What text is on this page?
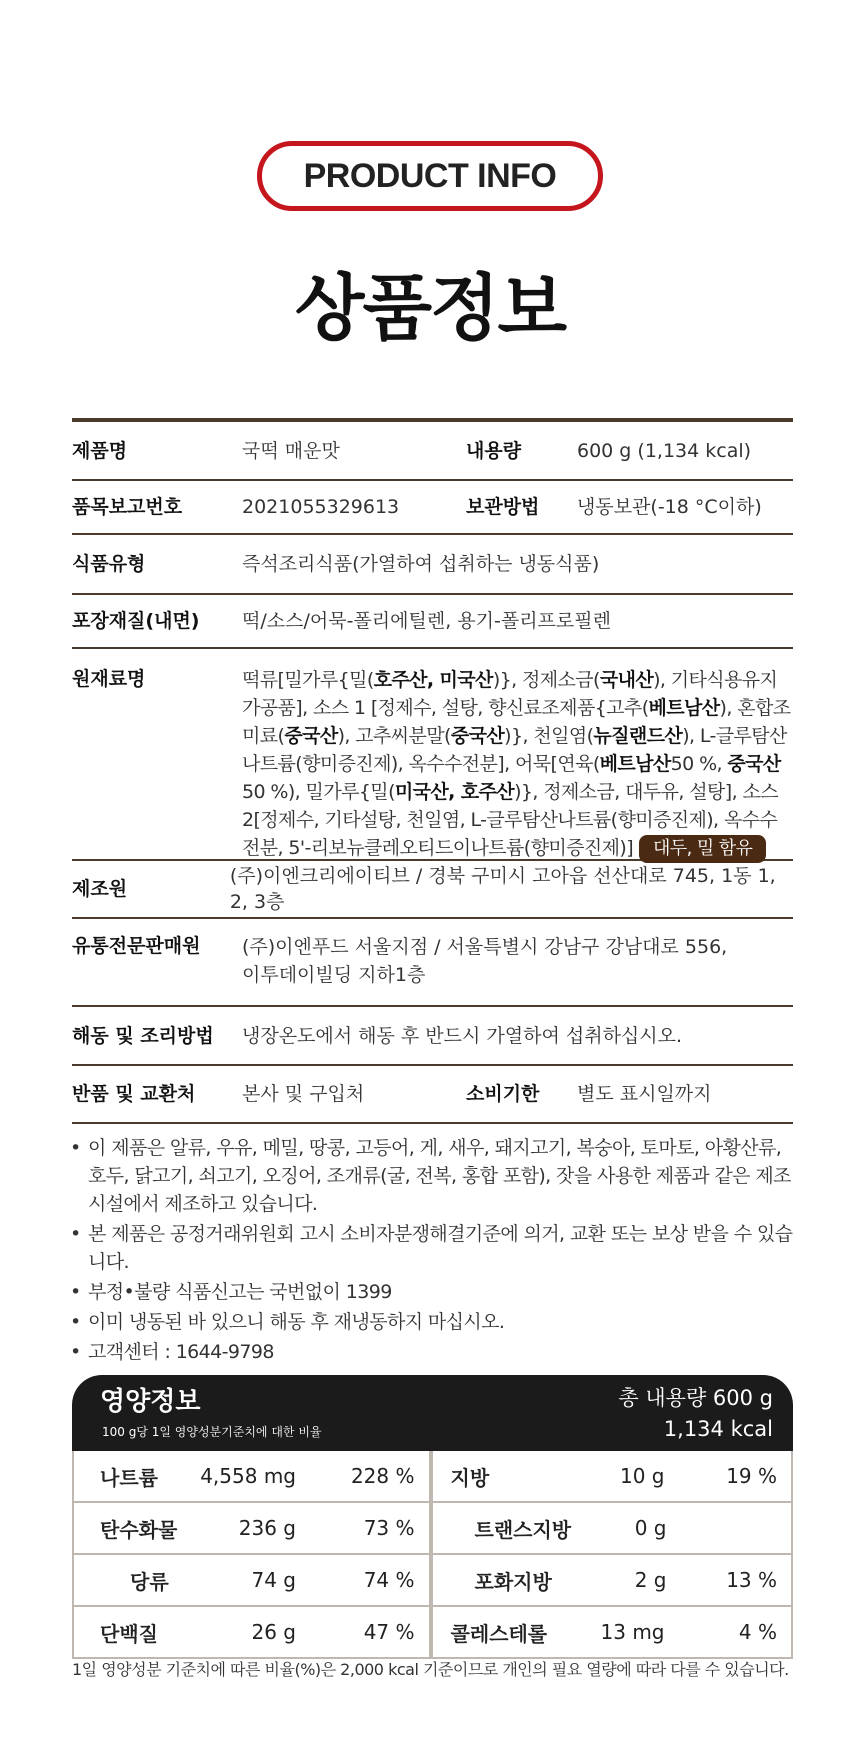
PRODUCT INFO
상품정보
제품명	국떡 매운맛	내용량	600 g (1,134 kcal)
품목보고번호	2021055329613	보관방법	냉동보관(-18 °C이하)
식품유형	즉석조리식품(가열하여 섭취하는 냉동식품)
포장재질(내면)	떡/소스/어묵-폴리에틸렌, 용기-폴리프로필렌
원재료명	떡류[밀가루{밀(호주산, 미국산)}, 정제소금(국내산), 기타식용유지가공품], 소스 1 [정제수, 설탕, 향신료조제품{고추(베트남산), 혼합조미료(중국산), 고추씨분말(중국산)}, 천일염(뉴질랜드산), L-글루탐산나트륨(향미증진제), 옥수수전분], 어묵[연육(베트남산50 %, 중국산50 %), 밀가루{밀(미국산, 호주산)}, 정제소금, 대두유, 설탕], 소스 2[정제수, 기타설탕, 천일염, L-글루탐산나트륨(향미증진제), 옥수수전분, 5'-리보뉴클레오티드이나트륨(향미증진제)] 대두, 밀 함유
제조원
(주)이엔크리에이티브 / 경북 구미시 고아읍 선산대로 745, 1동 1, 2, 3층
유통전문판매원	(주)이엔푸드 서울지점 / 서울특별시 강남구 강남대로 556,
이투데이빌딩 지하1층
해동 및 조리방법	냉장온도에서 해동 후 반드시 가열하여 섭취하십시오.
반품 및 교환처	본사 및 구입처	소비기한	별도 표시일까지
• 이 제품은 알류, 우유, 메밀, 땅콩, 고등어, 게, 새우, 돼지고기, 복숭아, 토마토, 아황산류, 호두, 닭고기, 쇠고기, 오징어, 조개류(굴, 전복, 홍합 포함), 잣을 사용한 제품과 같은 제조시설에서 제조하고 있습니다.
• 본 제품은 공정거래위원회 고시 소비자분쟁해결기준에 의거, 교환 또는 보상 받을 수 있습니다.
• 부정•불량 식품신고는 국번없이 1399
• 이미 냉동된 바 있으니 해동 후 재냉동하지 마십시오.
• 고객센터 : 1644-9798
영양정보
100 g당 1일 영양성분기준치에 대한 비율
총 내용량 600 g
1,134 kcal
나트륨	4,558 mg	228 %	지방	10 g	19 %
탄수화물	236 g	73 %	트랜스지방	0 g
당류	74 g	74 %	포화지방	2 g	13 %
단백질	26 g	47 %	콜레스테롤	13 mg	4 %
1일 영양성분 기준치에 따른 비율(%)은 2,000 kcal 기준이므로 개인의 필요 열량에 따라 다를 수 있습니다.
